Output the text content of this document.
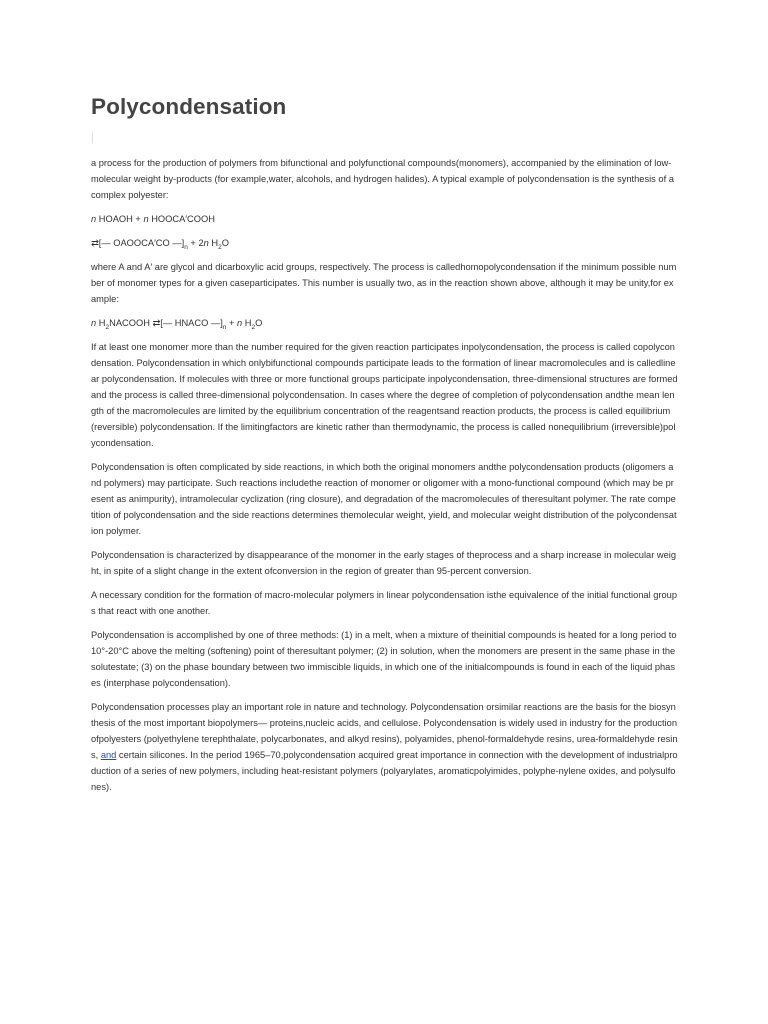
Polycondensation

a process for the production of polymers from bifunctional and polyfunctional compounds(monomers), accompanied by the elimination of low-molecular weight by-products (for example,water, alcohols, and hydrogen halides). A typical example of polycondensation is the synthesis of acomplex polyester:

n HOAOH + n HOOCA′COOH

⇄[— OAOOCA′CO $—]_n + 2n$ $H_2O$

where A and A′ are glycol and dicarboxylic acid groups, respectively. The process is calledhomopolycondensation if the minimum possible number of monomer types for a given caseparticipates. This number is usually two, as in the reaction shown above, although it may be unity,for example:

n $H_2NACOOH$ ⇄[— HNACO $—]_n + n$ $H_2O$

If at least one monomer more than the number required for the given reaction participates inpolycondensation, the process is called copolycondensation. Polycondensation in which onlybifunctional compounds participate leads to the formation of linear macromolecules and is calledlinear polycondensation. If molecules with three or more functional groups participate inpolycondensation, three-dimensional structures are formed and the process is called three-dimensional polycondensation. In cases where the degree of completion of polycondensation andthe mean length of the macromolecules are limited by the equilibrium concentration of the reagentsand reaction products, the process is called equilibrium (reversible) polycondensation. If the limitingfactors are kinetic rather than thermodynamic, the process is called nonequilibrium (irreversible)polycondensation.

Polycondensation is often complicated by side reactions, in which both the original monomers andthe polycondensation products (oligomers and polymers) may participate. Such reactions includethe reaction of monomer or oligomer with a mono-functional compound (which may be present as animpurity), intramolecular cyclization (ring closure), and degradation of the macromolecules of theresultant polymer. The rate competition of polycondensation and the side reactions determines themolecular weight, yield, and molecular weight distribution of the polycondensation polymer.

Polycondensation is characterized by disappearance of the monomer in the early stages of theprocess and a sharp increase in molecular weight, in spite of a slight change in the extent ofconversion in the region of greater than 95-percent conversion.

A necessary condition for the formation of macro-molecular polymers in linear polycondensation isthe equivalence of the initial functional groups that react with one another.

Polycondensation is accomplished by one of three methods: (1) in a melt, when a mixture of theinitial compounds is heated for a long period to 10°-20°C above the melting (softening) point of theresultant polymer; (2) in solution, when the monomers are present in the same phase in the solutestate; (3) on the phase boundary between two immiscible liquids, in which one of the initialcompounds is found in each of the liquid phases (interphase polycondensation).

Polycondensation processes play an important role in nature and technology. Polycondensation orsimilar reactions are the basis for the biosynthesis of the most important biopolymers— proteins,nucleic acids, and cellulose. Polycondensation is widely used in industry for the production ofpolyesters (polyethylene terephthalate, polycarbonates, and alkyd resins), polyamides, phenol-formaldehyde resins, urea-formaldehyde resins, and certain silicones. In the period 1965–70,polycondensation acquired great importance in connection with the development of industrialproduction of a series of new polymers, including heat-resistant polymers (polyarylates, aromaticpolyimides, polyphe-nylene oxides, and polysulfones).
